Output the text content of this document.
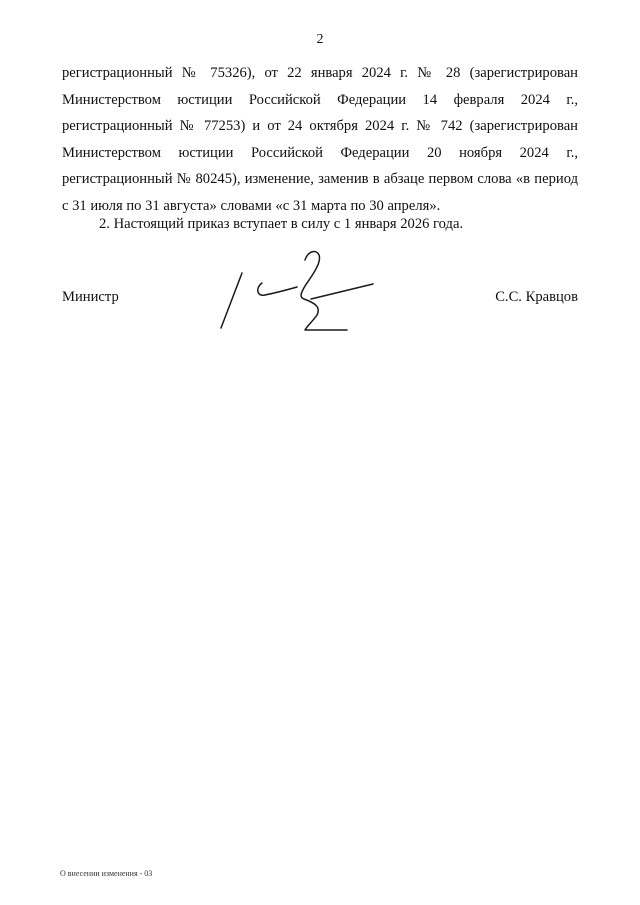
2
регистрационный № 75326), от 22 января 2024 г. № 28 (зарегистрирован
Министерством юстиции Российской Федерации 14 февраля 2024 г.,
регистрационный № 77253) и от 24 октября 2024 г. № 742 (зарегистрирован
Министерством юстиции Российской Федерации 20 ноября 2024 г.,
регистрационный № 80245), изменение, заменив в абзаце первом слова «в период
с 31 июля по 31 августа» словами «с 31 марта по 30 апреля».
2. Настоящий приказ вступает в силу с 1 января 2026 года.
Министр	С.С. Кравцов
О внесении изменения - 03
